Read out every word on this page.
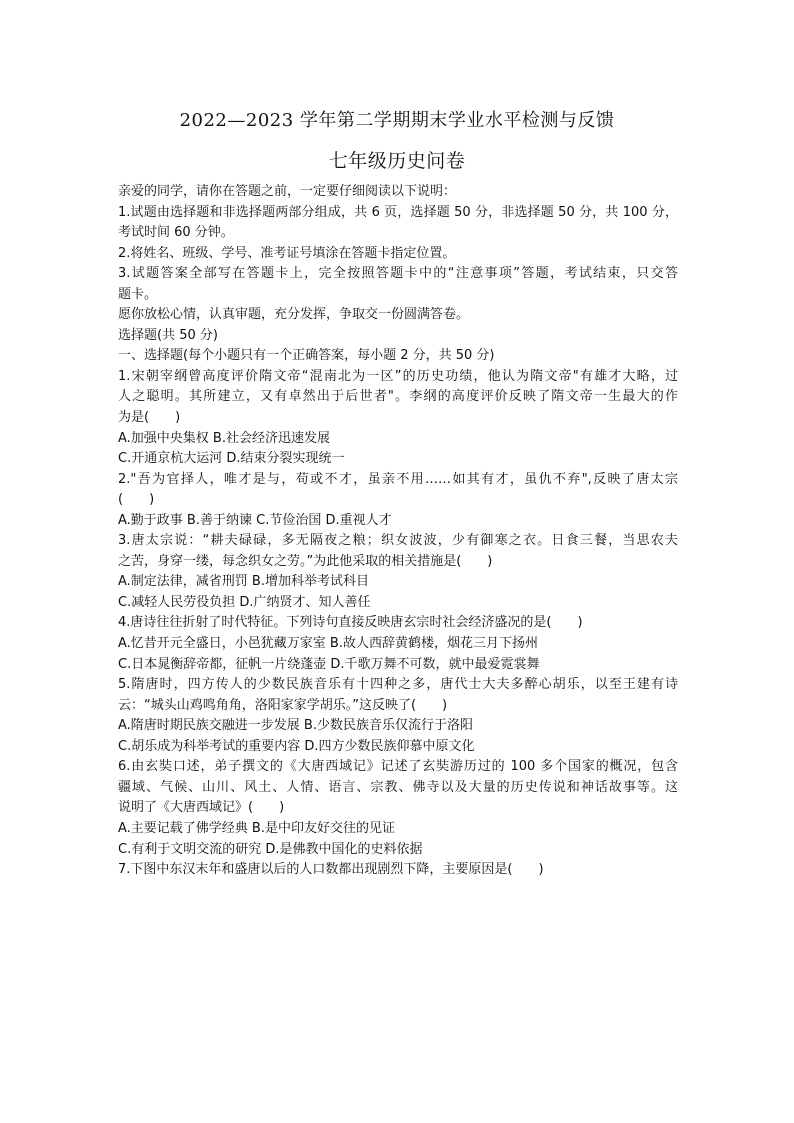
2022—2023 学年第二学期期末学业水平检测与反馈
七年级历史问卷
亲爱的同学，请你在答题之前，一定要仔细阅读以下说明：
1.试题由选择题和非选择题两部分组成，共 6 页，选择题 50 分，非选择题 50 分，共 100 分，
考试时间 60 分钟。
2.将姓名、班级、学号、准考证号填涂在答题卡指定位置。
3.试题答案全部写在答题卡上，完全按照答题卡中的“注意事项”答题，考试结束，只交答
题卡。
愿你放松心情，认真审题，充分发挥，争取交一份圆满答卷。
选择题(共 50 分)
一、选择题(每个小题只有一个正确答案，每小题 2 分，共 50 分)
1.宋朝宰纲曾高度评价隋文帝“混南北为一区”的历史功绩，他认为隋文帝"有雄才大略，过
人之聪明。其所建立，又有卓然出于后世者"。李纲的高度评价反映了隋文帝一生最大的作
为是(　　)
A.加强中央集权 B.社会经济迅速发展
C.开通京杭大运河 D.结束分裂实现统一
2."吾为官择人，唯才是与，苟或不才，虽亲不用……如其有才，虽仇不弃",反映了唐太宗
(　　)
A.勤于政事 B.善于纳谏 C.节俭治国 D.重视人才
3.唐太宗说：“耕夫碌碌，多无隔夜之粮；织女波波，少有御寒之衣。日食三餐，当思农夫
之苦，身穿一缕，每念织女之劳。”为此他采取的相关措施是(　　)
A.制定法律，减省刑罚 B.增加科举考试科目
C.减轻人民劳役负担 D.广纳贤才、知人善任
4.唐诗往往折射了时代特征。下列诗句直接反映唐玄宗时社会经济盛况的是(　　)
A.忆昔开元全盛日，小邑犹藏万家室 B.故人西辞黄鹤楼，烟花三月下扬州
C.日本晁衡辞帝都，征帆一片绕蓬壶 D.千歌万舞不可数，就中最爱霓裳舞
5.隋唐时，四方传人的少数民族音乐有十四种之多，唐代士大夫多醉心胡乐，以至王建有诗
云：“城头山鸡鸣角角，洛阳家家学胡乐。”这反映了(　　)
A.隋唐时期民族交融进一步发展 B.少数民族音乐仅流行于洛阳
C.胡乐成为科举考试的重要内容 D.四方少数民族仰慕中原文化
6.由玄奘口述，弟子撰文的《大唐西域记》记述了玄奘游历过的 100 多个国家的概况，包含
疆域、气候、山川、风土、人情、语言、宗教、佛寺以及大量的历史传说和神话故事等。这
说明了《大唐西域记》(　　)
A.主要记载了佛学经典 B.是中印友好交往的见证
C.有利于文明交流的研究 D.是佛教中国化的史料依据
7.下图中东汉末年和盛唐以后的人口数都出现剧烈下降，主要原因是(　　)
